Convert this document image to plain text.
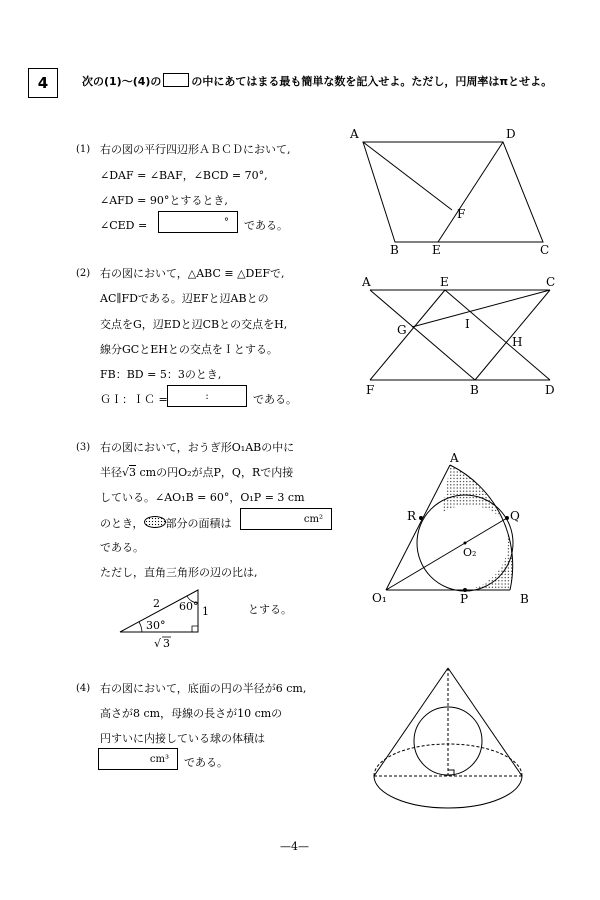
4	次の(1)〜(4)の	の中にあてはまる最も簡単な数を記入せよ。ただし，円周率はπとせよ。
(1) 右の図の平行四辺形ＡＢＣＤにおいて,
∠DAF = ∠BAF，∠BCD = 70°,
∠AFD = 90°とするとき,
∠CED =	° である。
A	D
F
B	E	C
(2) 右の図において，△ABC ≡ △DEFで,
AC∥FDである。辺EFと辺ABとの
交点をG，辺EDと辺CBとの交点をH,
線分GCとEHとの交点をＩとする。
FB：BD = 5：3のとき,
ＧＩ：ＩＣ =	:	である。
A	E	C
G	I
H
F	B	D
(3) 右の図において，おうぎ形O₁ABの中に
半径√3 cmの円O₂が点P，Q，Rで内接
している。∠AO₁B = 60°，O₁P = 3 cm
のとき， 部分の面積は	cm²
である。
ただし，直角三角形の辺の比は,
2 60° 1
30°
√ 3
とする。
A
R	Q
O₂
O₁	P	B
(4) 右の図において，底面の円の半径が6 cm,
高さが8 cm，母線の長さが10 cmの
円すいに内接している球の体積は
cm³ である。
—4—
